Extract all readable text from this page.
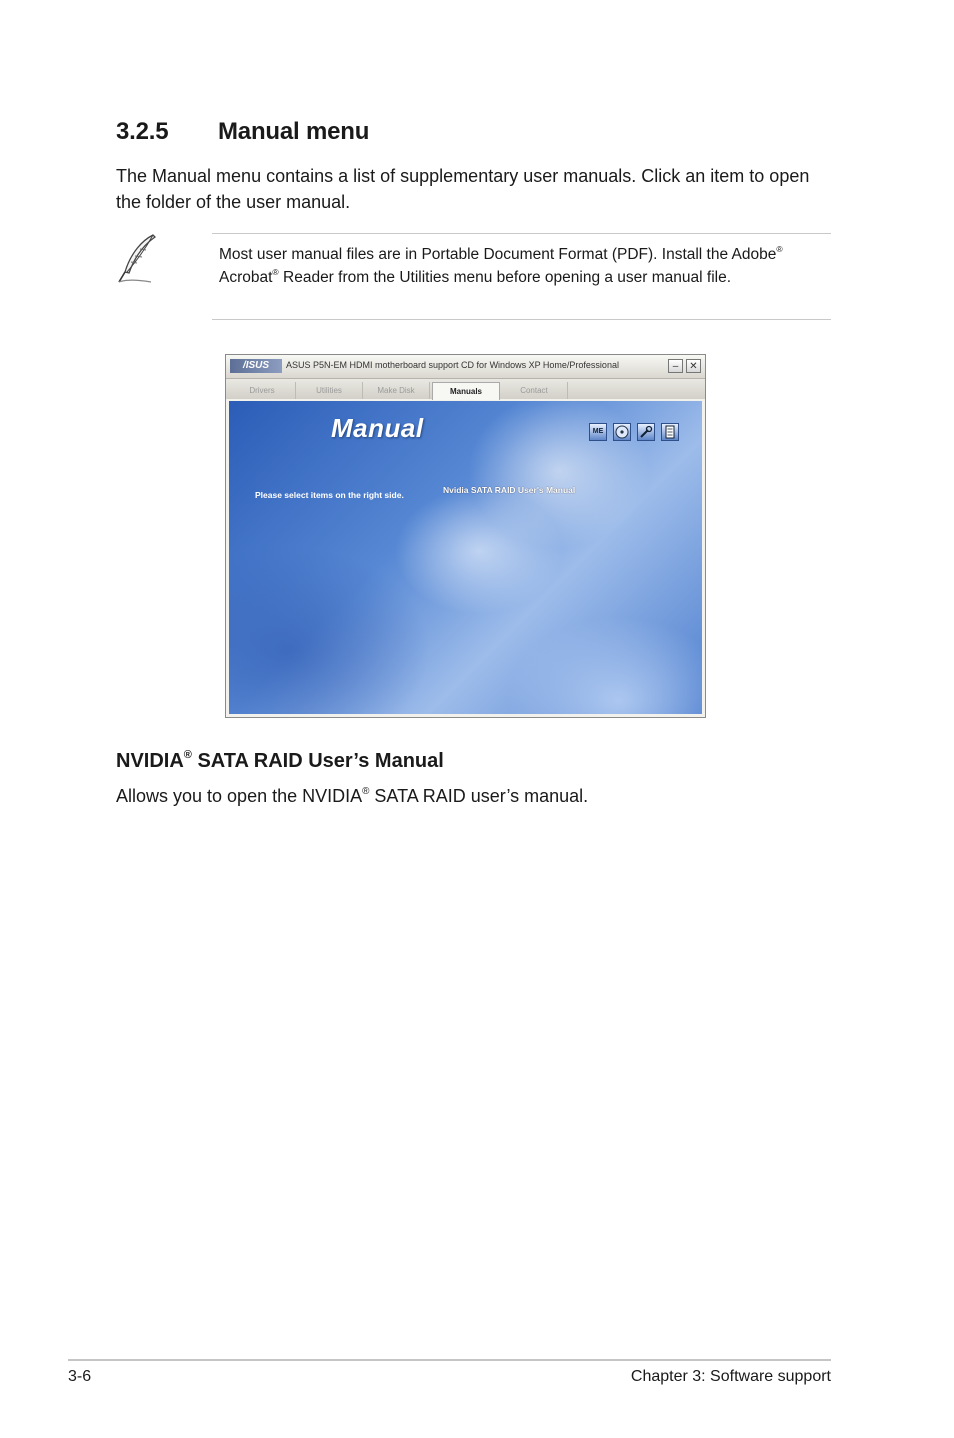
3.2.5 Manual menu
The Manual menu contains a list of supplementary user manuals. Click an item to open the folder of the user manual.
Most user manual files are in Portable Document Format (PDF). Install the Adobe® Acrobat® Reader from the Utilities menu before opening a user manual file.
/ISUS	ASUS P5N-EM HDMI motherboard support CD for Windows XP Home/Professional	–	✕
Drivers	Utilities	Make Disk	Manuals	Contact
Manual	ME
Please select items on the right side.	Nvidia SATA RAID User's Manual
NVIDIA® SATA RAID User’s Manual
Allows you to open the NVIDIA® SATA RAID user’s manual.
3-6	Chapter 3: Software support
